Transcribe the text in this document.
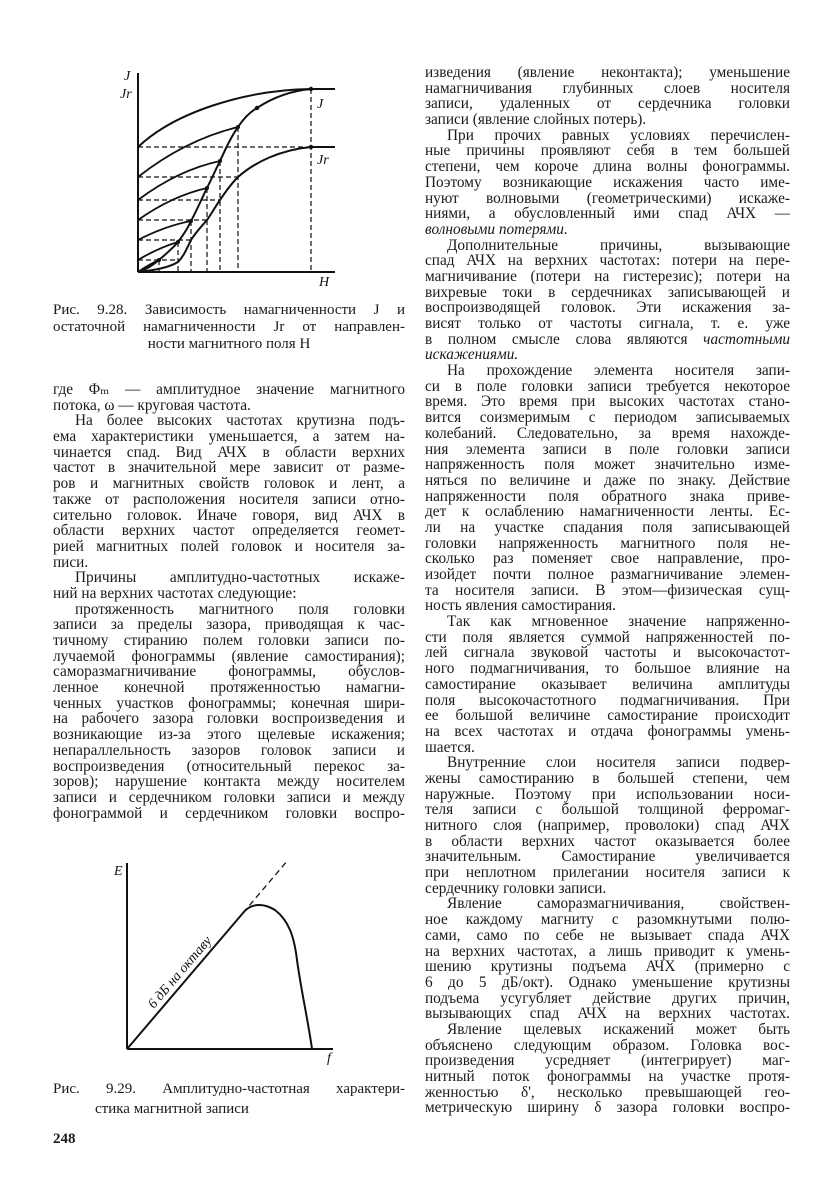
J
Jr
J
Jr
H
E
f
6 дБ на октаву
Рис. 9.28. Зависимость намагниченности J и
остаточной намагниченности Jr от направлен-
ности магнитного поля H
Рис. 9.29. Амплитудно-частотная характери-
стика магнитной записи
где Φₘ — амплитудное значение магнитного
потока, ω — круговая частота.
На более высоких частотах крутизна подъ-
ема характеристики уменьшается, а затем на-
чинается спад. Вид АЧХ в области верхних
частот в значительной мере зависит от разме-
ров и магнитных свойств головок и лент, а
также от расположения носителя записи отно-
сительно головок. Иначе говоря, вид АЧХ в
области верхних частот определяется геомет-
рией магнитных полей головок и носителя за-
писи.
Причины амплитудно-частотных искаже-
ний на верхних частотах следующие:
протяженность магнитного поля головки
записи за пределы зазора, приводящая к час-
тичному стиранию полем головки записи по-
лучаемой фонограммы (явление самостирания);
саморазмагничивание фонограммы, обуслов-
ленное конечной протяженностью намагни-
ченных участков фонограммы; конечная шири-
на рабочего зазора головки воспроизведения и
возникающие из-за этого щелевые искажения;
непараллельность зазоров головок записи и
воспроизведения (относительный перекос за-
зоров); нарушение контакта между носителем
записи и сердечником головки записи и между
фонограммой и сердечником головки воспро-
изведения (явление неконтакта); уменьшение
намагничивания глубинных слоев носителя
записи, удаленных от сердечника головки
записи (явление слойных потерь).
При прочих равных условиях перечислен-
ные причины проявляют себя в тем большей
степени, чем короче длина волны фонограммы.
Поэтому возникающие искажения часто име-
нуют волновыми (геометрическими) искаже-
ниями, а обусловленный ими спад АЧХ —
волновыми потерями.
Дополнительные причины, вызывающие
спад АЧХ на верхних частотах: потери на пере-
магничивание (потери на гистерезис); потери на
вихревые токи в сердечниках записывающей и
воспроизводящей головок. Эти искажения за-
висят только от частоты сигнала, т. е. уже
в полном смысле слова являются частотными
искажениями.
На прохождение элемента носителя запи-
си в поле головки записи требуется некоторое
время. Это время при высоких частотах стано-
вится соизмеримым с периодом записываемых
колебаний. Следовательно, за время нахожде-
ния элемента записи в поле головки записи
напряженность поля может значительно изме-
няться по величине и даже по знаку. Действие
напряженности поля обратного знака приве-
дет к ослаблению намагниченности ленты. Ес-
ли на участке спадания поля записывающей
головки напряженность магнитного поля не-
сколько раз поменяет свое направление, про-
изойдет почти полное размагничивание элемен-
та носителя записи. В этом—физическая сущ-
ность явления самостирания.
Так как мгновенное значение напряженно-
сти поля является суммой напряженностей по-
лей сигнала звуковой частоты и высокочастот-
ного подмагничивания, то большое влияние на
самостирание оказывает величина амплитуды
поля высокочастотного подмагничивания. При
ее большой величине самостирание происходит
на всех частотах и отдача фонограммы умень-
шается.
Внутренние слои носителя записи подвер-
жены самостиранию в большей степени, чем
наружные. Поэтому при использовании носи-
теля записи с большой толщиной ферромаг-
нитного слоя (например, проволоки) спад АЧХ
в области верхних частот оказывается более
значительным. Самостирание увеличивается
при неплотном прилегании носителя записи к
сердечнику головки записи.
Явление саморазмагничивания, свойствен-
ное каждому магниту с разомкнутыми полю-
сами, само по себе не вызывает спада АЧХ
на верхних частотах, а лишь приводит к умень-
шению крутизны подъема АЧХ (примерно с
6 до 5 дБ/окт). Однако уменьшение крутизны
подъема усугубляет действие других причин,
вызывающих спад АЧХ на верхних частотах.
Явление щелевых искажений может быть
объяснено следующим образом. Головка вос-
произведения усредняет (интегрирует) маг-
нитный поток фонограммы на участке протя-
женностью δ', несколько превышающей гео-
метрическую ширину δ зазора головки воспро-
248
